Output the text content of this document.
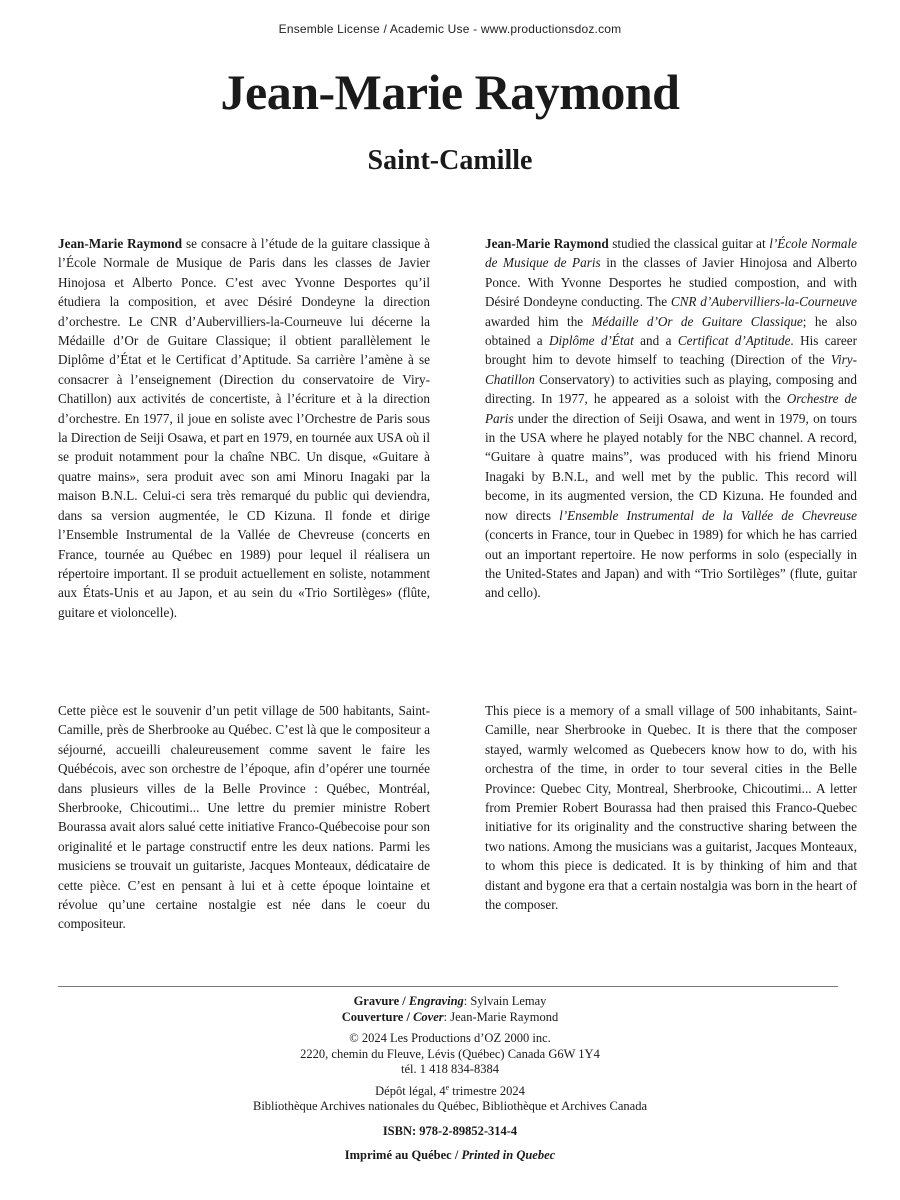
Ensemble License / Academic Use - www.productionsdoz.com
Jean-Marie Raymond
Saint-Camille

Jean-Marie Raymond se consacre à l’étude de la guitare classique à l’École Normale de Musique de Paris dans les classes de Javier Hinojosa et Alberto Ponce. C’est avec Yvonne Desportes qu’il étudiera la composition, et avec Désiré Dondeyne la direction d’orchestre. Le CNR d’Aubervilliers-la-Courneuve lui décerne la Médaille d’Or de Guitare Classique; il obtient parallèlement le Diplôme d’État et le Certificat d’Aptitude. Sa carrière l’amène à se consacrer à l’enseignement (Direction du conservatoire de Viry-Chatillon) aux activités de concertiste, à l’écriture et à la direction d’orchestre. En 1977, il joue en soliste avec l’Orchestre de Paris sous la Direction de Seiji Osawa, et part en 1979, en tournée aux USA où il se produit notamment pour la chaîne NBC. Un disque, «Guitare à quatre mains», sera produit avec son ami Minoru Inagaki par la maison B.N.L. Celui-ci sera très remarqué du public qui deviendra, dans sa version augmentée, le CD Kizuna. Il fonde et dirige l’Ensemble Instrumental de la Vallée de Chevreuse (concerts en France, tournée au Québec en 1989) pour lequel il réalisera un répertoire important. Il se produit actuellement en soliste, notamment aux États-Unis et au Japon, et au sein du «Trio Sortilèges» (flûte, guitare et violoncelle).

Jean-Marie Raymond studied the classical guitar at l’École Normale de Musique de Paris in the classes of Javier Hinojosa and Alberto Ponce. With Yvonne Desportes he studied compostion, and with Désiré Dondeyne conducting. The CNR d’Aubervilliers-la-Courneuve awarded him the Médaille d’Or de Guitare Classique; he also obtained a Diplôme d’État and a Certificat d’Aptitude. His career brought him to devote himself to teaching (Direction of the Viry-Chatillon Conservatory) to activities such as playing, composing and directing. In 1977, he appeared as a soloist with the Orchestre de Paris under the direction of Seiji Osawa, and went in 1979, on tours in the USA where he played notably for the NBC channel. A record, “Guitare à quatre mains”, was produced with his friend Minoru Inagaki by B.N.L, and well met by the public. This record will become, in its augmented version, the CD Kizuna. He founded and now directs l’Ensemble Instrumental de la Vallée de Chevreuse (concerts in France, tour in Quebec in 1989) for which he has carried out an important repertoire. He now performs in solo (especially in the United-States and Japan) and with “Trio Sortilèges” (flute, guitar and cello).

Cette pièce est le souvenir d’un petit village de 500 habitants, Saint-Camille, près de Sherbrooke au Québec. C’est là que le compositeur a séjourné, accueilli chaleureusement comme savent le faire les Québécois, avec son orchestre de l’époque, afin d’opérer une tournée dans plusieurs villes de la Belle Province : Québec, Montréal, Sherbrooke, Chicoutimi... Une lettre du premier ministre Robert Bourassa avait alors salué cette initiative Franco-Québecoise pour son originalité et le partage constructif entre les deux nations. Parmi les musiciens se trouvait un guitariste, Jacques Monteaux, dédicataire de cette pièce. C’est en pensant à lui et à cette époque lointaine et révolue qu’une certaine nostalgie est née dans le coeur du compositeur.

This piece is a memory of a small village of 500 inhabitants, Saint-Camille, near Sherbrooke in Quebec. It is there that the composer stayed, warmly welcomed as Quebecers know how to do, with his orchestra of the time, in order to tour several cities in the Belle Province: Quebec City, Montreal, Sherbrooke, Chicoutimi... A letter from Premier Robert Bourassa had then praised this Franco-Quebec initiative for its originality and the constructive sharing between the two nations. Among the musicians was a guitarist, Jacques Monteaux, to whom this piece is dedicated. It is by thinking of him and that distant and bygone era that a certain nostalgia was born in the heart of the composer.

Gravure / Engraving: Sylvain Lemay
Couverture / Cover: Jean-Marie Raymond
© 2024 Les Productions d’OZ 2000 inc.
2220, chemin du Fleuve, Lévis (Québec) Canada G6W 1Y4
tél. 1 418 834-8384
Dépôt légal, 4e trimestre 2024
Bibliothèque Archives nationales du Québec, Bibliothèque et Archives Canada
ISBN: 978-2-89852-314-4
Imprimé au Québec / Printed in Quebec
